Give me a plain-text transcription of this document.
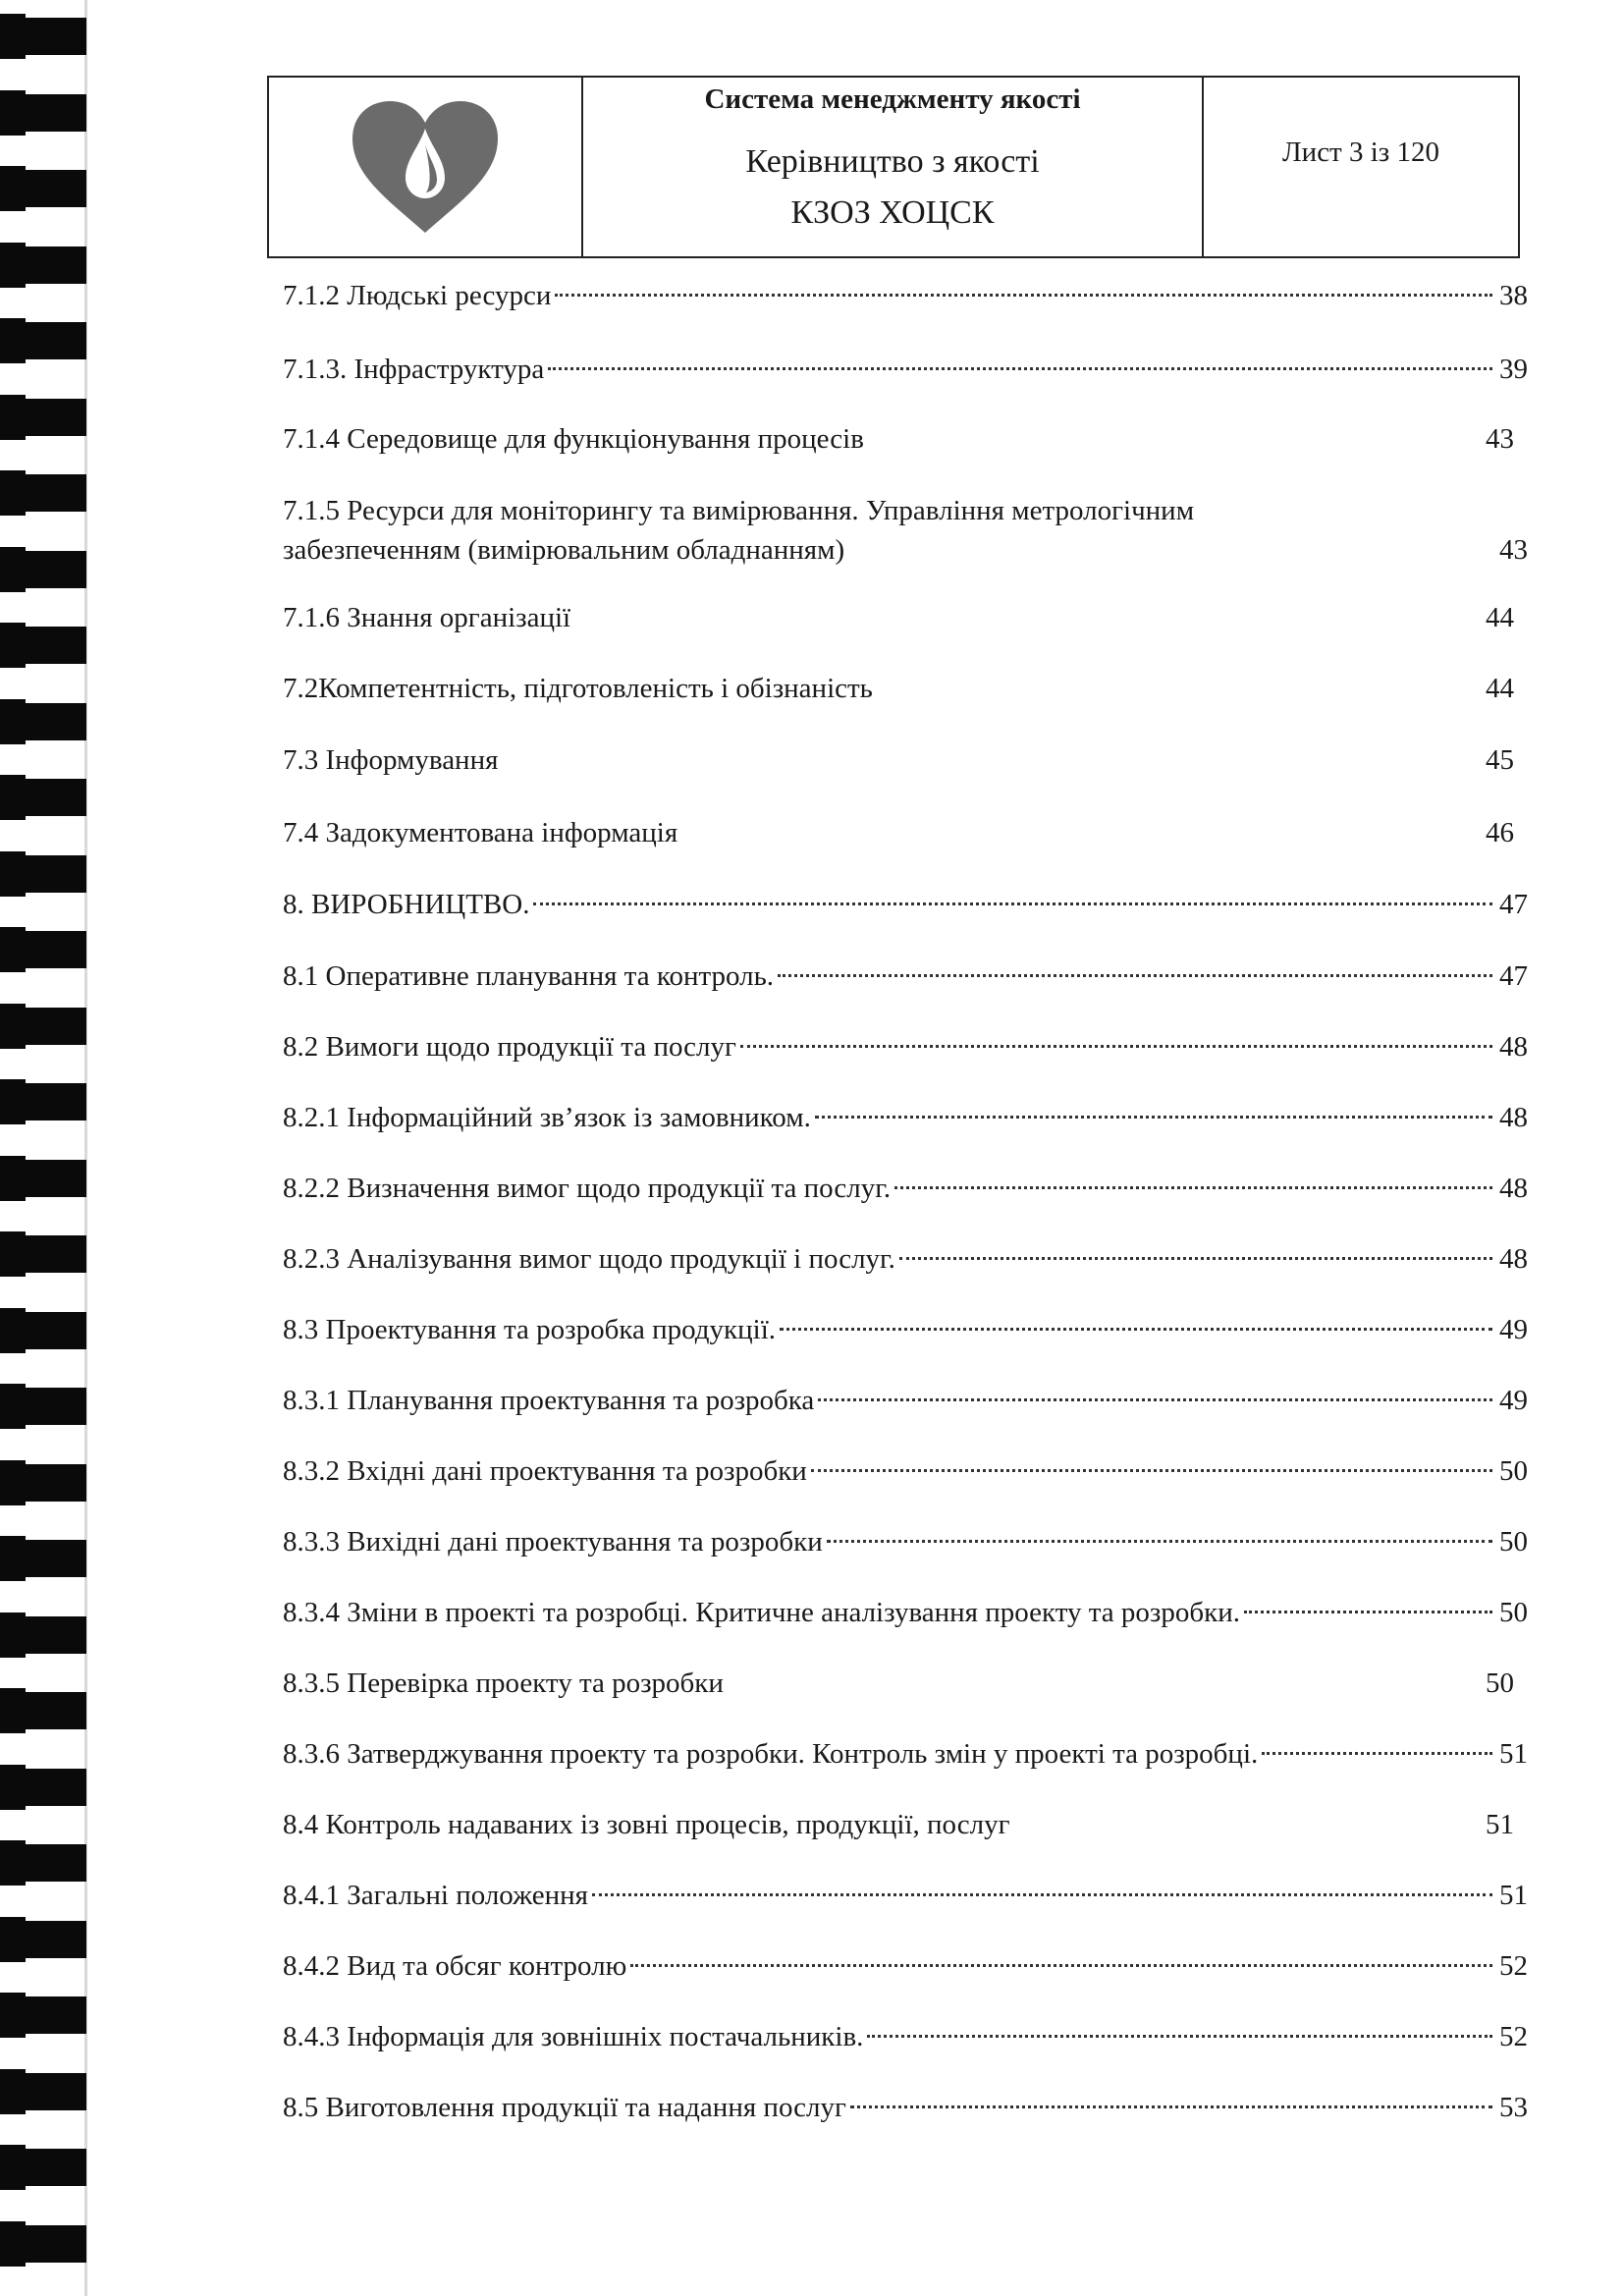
Система менеджменту якості
Керівництво з якості
КЗОЗ ХОЦСК
Лист 3 із 120
7.1.2 Людські ресурси	38
7.1.3. Інфраструктура	39
7.1.4 Середовище для функціонування процесів	43
7.1.5 Ресурси для моніторингу та вимірювання. Управління метрологічним
забезпеченням (вимірювальним обладнанням)	43
7.1.6 Знання організації	44
7.2Компетентність, підготовленість і обізнаність	44
7.3 Інформування	45
7.4 Задокументована інформація	46
8. ВИРОБНИЦТВО.	47
8.1 Оперативне планування та контроль.	47
8.2 Вимоги щодо продукції та послуг	48
8.2.1 Інформаційний зв’язок із замовником.	48
8.2.2 Визначення вимог щодо продукції та послуг.	48
8.2.3 Аналізування вимог щодо продукції і послуг.	48
8.3 Проектування та розробка продукції.	49
8.3.1 Планування проектування та розробка	49
8.3.2 Вхідні дані проектування та розробки	50
8.3.3 Вихідні дані проектування та розробки	50
8.3.4 Зміни в проекті та розробці. Критичне аналізування проекту та розробки.	50
8.3.5 Перевірка проекту та розробки	50
8.3.6 Затверджування проекту та розробки. Контроль змін у проекті та розробці.	51
8.4 Контроль надаваних із зовні процесів, продукції, послуг	51
8.4.1 Загальні положення	51
8.4.2 Вид та обсяг контролю	52
8.4.3 Інформація для зовнішніх постачальників.	52
8.5 Виготовлення продукції та надання послуг	53
